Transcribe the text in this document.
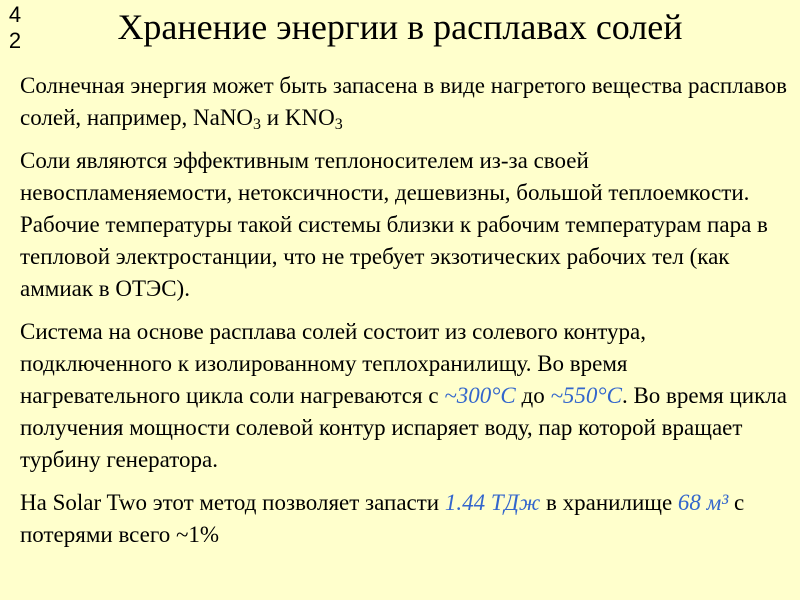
42	Хранение энергии в расплавах солей

Солнечная энергия может быть запасена в виде нагретого вещества расплавов солей, например, NaNO$_3$ и $KNO_3$

Соли являются эффективным теплоносителем из-за своей невоспламеняемости, нетоксичности, дешевизны, большой теплоемкости. Рабочие температуры такой системы близки к рабочим температурам пара в тепловой электростанции, что не требует экзотических рабочих тел (как аммиак в ОТЭС).

Система на основе расплава солей состоит из солевого контура, подключенного к изолированному теплохранилищу. Во время нагревательного цикла соли нагреваются с ~300°C до ~550°C. Во время цикла получения мощности солевой контур испаряет воду, пар которой вращает турбину генератора.

На Solar Two этот метод позволяет запасти 1.44 ТДж в хранилище 68 м³ с потерями всего ~1%
